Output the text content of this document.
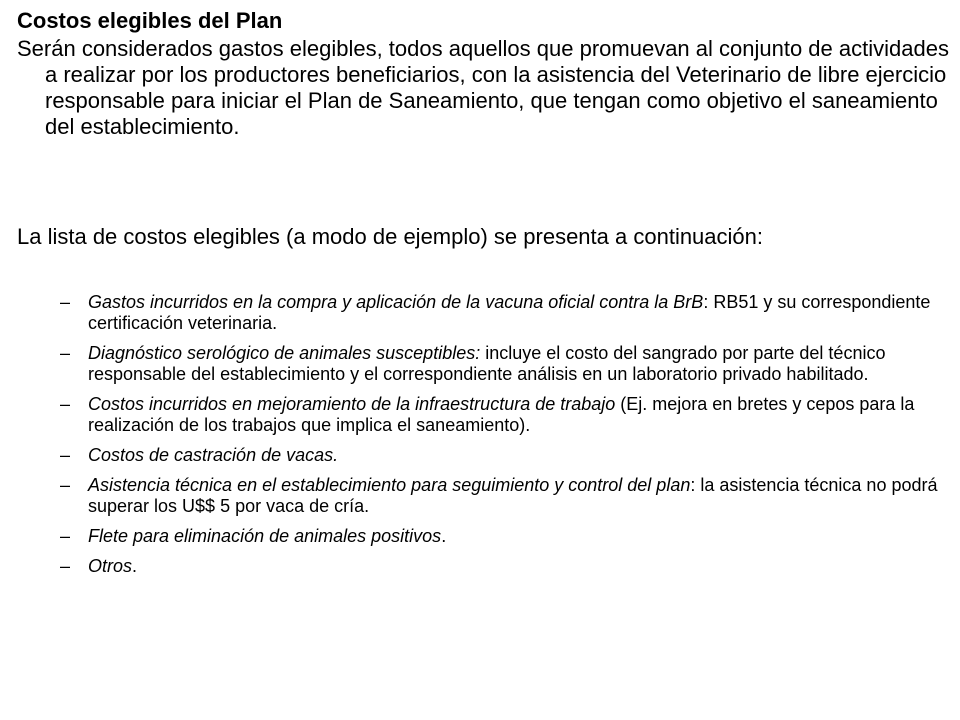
Costos elegibles del Plan
Serán considerados gastos elegibles, todos aquellos que promuevan al conjunto de actividades a realizar por los productores beneficiarios, con la asistencia del Veterinario de libre ejercicio responsable para iniciar el Plan de Saneamiento, que tengan como objetivo el saneamiento del establecimiento.
La lista de costos elegibles (a modo de ejemplo) se presenta a continuación:
– Gastos incurridos en la compra y aplicación de la vacuna oficial contra la BrB: RB51 y su correspondiente certificación veterinaria.
– Diagnóstico serológico de animales susceptibles: incluye el costo del sangrado por parte del técnico responsable del establecimiento y el correspondiente análisis en un laboratorio privado habilitado.
– Costos incurridos en mejoramiento de la infraestructura de trabajo (Ej. mejora en bretes y cepos para la realización de los trabajos que implica el saneamiento).
– Costos de castración de vacas.
– Asistencia técnica en el establecimiento para seguimiento y control del plan: la asistencia técnica no podrá superar los U$$ 5 por vaca de cría.
– Flete para eliminación de animales positivos.
– Otros.
